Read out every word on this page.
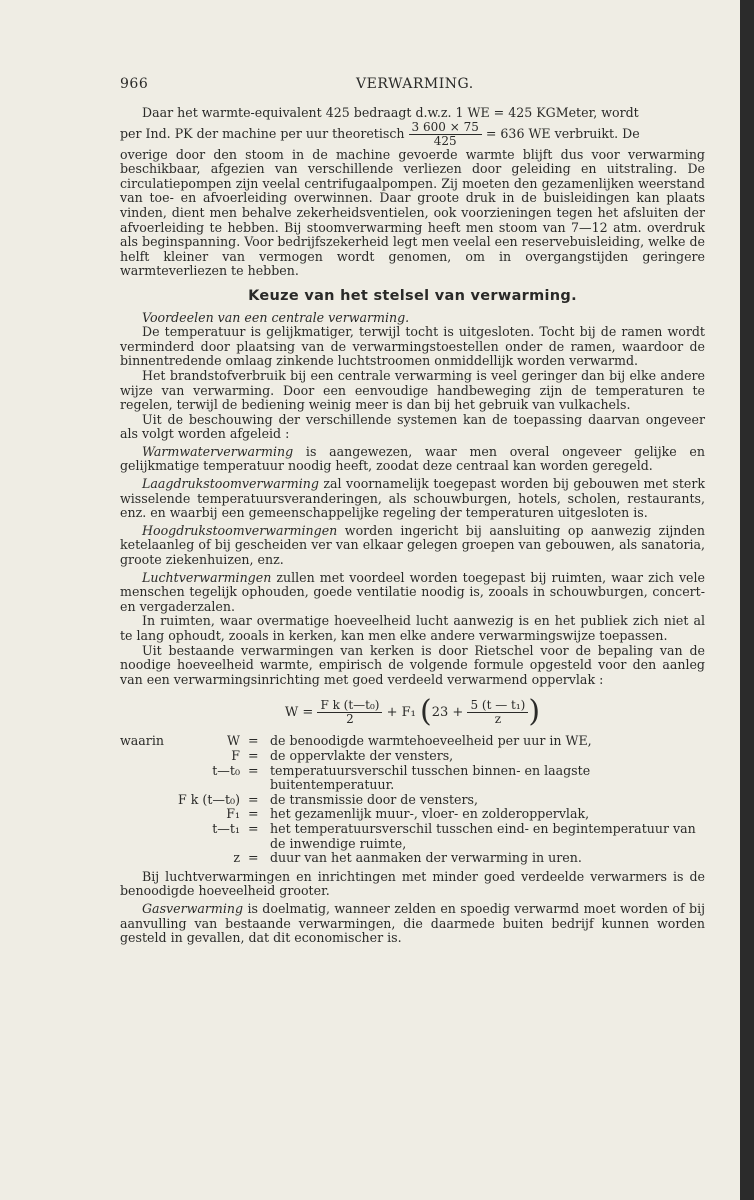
966	VERWARMING.

Daar het warmte-equivalent 425 bedraagt d.w.z. 1 WE = 425 KGMeter, wordt

per Ind. PK der machine per uur theoretisch $\frac{3 600 \times 75}{425} = 636$ WE verbruikt. De

overige door den stoom in de machine gevoerde warmte blijft dus voor verwarming beschikbaar, afgezien van verschillende verliezen door geleiding en uitstraling. De circulatiepompen zijn veelal centrifugaalpompen. Zij moeten den gezamenlijken weerstand van toe- en afvoerleiding overwinnen. Daar groote druk in de buisleidingen kan plaats vinden, dient men behalve zekerheidsventielen, ook voorzieningen tegen het afsluiten der afvoerleiding te hebben. Bij stoomverwarming heeft men stoom van 7—12 atm. overdruk als beginspanning. Voor bedrijfszekerheid legt men veelal een reservebuisleiding, welke de helft kleiner van vermogen wordt genomen, om in overgangstijden geringere warmteverliezen te hebben.

Keuze van het stelsel van verwarming.

Voordeelen van een centrale verwarming.

De temperatuur is gelijkmatiger, terwijl tocht is uitgesloten. Tocht bij de ramen wordt verminderd door plaatsing van de verwarmingstoestellen onder de ramen, waardoor de binnentredende omlaag zinkende luchtstroomen onmiddellijk worden verwarmd.

Het brandstofverbruik bij een centrale verwarming is veel geringer dan bij elke andere wijze van verwarming. Door een eenvoudige handbeweging zijn de temperaturen te regelen, terwijl de bediening weinig meer is dan bij het gebruik van vulkachels.

Uit de beschouwing der verschillende systemen kan de toepassing daarvan ongeveer als volgt worden afgeleid :

Warmwaterverwarming is aangewezen, waar men overal ongeveer gelijke en gelijkmatige temperatuur noodig heeft, zoodat deze centraal kan worden geregeld.

Laagdrukstoomverwarming zal voornamelijk toegepast worden bij gebouwen met sterk wisselende temperatuursveranderingen, als schouwburgen, hotels, scholen, restaurants, enz. en waarbij een gemeenschappelijke regeling der temperaturen uitgesloten is.

Hoogdrukstoomverwarmingen worden ingericht bij aansluiting op aanwezig zijnden ketelaanleg of bij gescheiden ver van elkaar gelegen groepen van gebouwen, als sanatoria, groote ziekenhuizen, enz.

Luchtverwarmingen zullen met voordeel worden toegepast bij ruimten, waar zich vele menschen tegelijk ophouden, goede ventilatie noodig is, zooals in schouwburgen, concert- en vergaderzalen.

In ruimten, waar overmatige hoeveelheid lucht aanwezig is en het publiek zich niet al te lang ophoudt, zooals in kerken, kan men elke andere verwarmingswijze toepassen.

Uit bestaande verwarmingen van kerken is door Rietschel voor de bepaling van de noodige hoeveelheid warmte, empirisch de volgende formule opgesteld voor den aanleg van een verwarmingsinrichting met goed verdeeld verwarmend oppervlak :

$W = \frac{\text{F k (t—t₀)}}{2} + F_1$ ($23 + \frac{\text{5 (t — t₁)}}{z}$ )

waarin	W
= de benoodigde warmtehoeveelheid per uur in WE,
F
= de oppervlakte der vensters,
t—t₀
= temperatuursverschil tusschen binnen- en laagste buitentemperatuur.
F k (t—t₀)
= de transmissie door de vensters,
F₁
= het gezamenlijk muur-, vloer- en zolderoppervlak,
t—t₁
= het temperatuursverschil tusschen eind- en begintemperatuur van de inwendige ruimte,
z
= duur van het aanmaken der verwarming in uren.

Bij luchtverwarmingen en inrichtingen met minder goed verdeelde verwarmers is de benoodigde hoeveelheid grooter.

Gasverwarming is doelmatig, wanneer zelden en spoedig verwarmd moet worden of bij aanvulling van bestaande verwarmingen, die daarmede buiten bedrijf kunnen worden gesteld in gevallen, dat dit economischer is.
